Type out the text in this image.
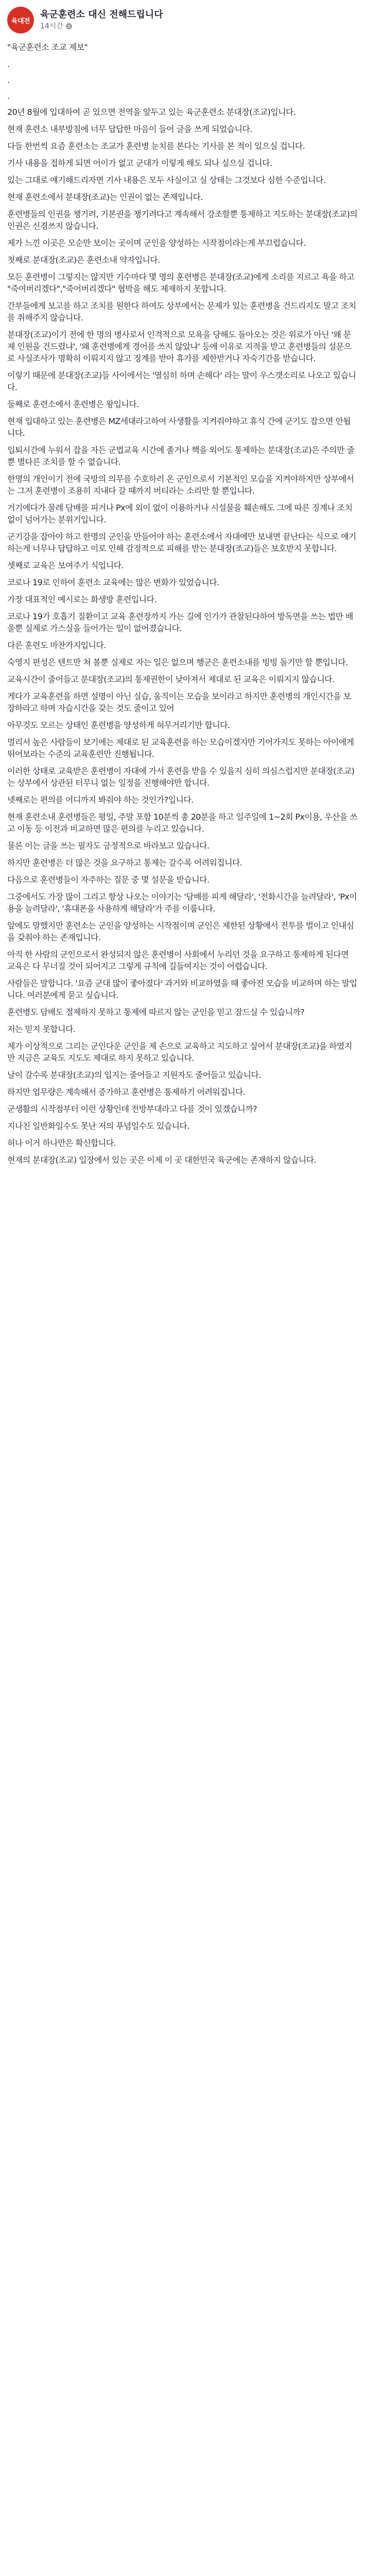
육대전
육군훈련소 대신 전해드립니다
14시간

"육군훈련소 조교 제보"

.

.

.

20년 8월에 입대하여 곧 있으면 전역을 앞두고 있는 육군훈련소 분대장(조교)입니다.

현재 훈련소 내부방침에 너무 답답한 마음이 들어 글을 쓰게 되었습니다.

다들 한번씩 요즘 훈련소는 조교가 훈련병 눈치를 본다는 기사를 본 적이 있으실 겁니다.

기사 내용을 접하게 되면 어이가 없고 군대가 이렇게 해도 되나 싶으실 겁니다.

있는 그대로 얘기해드리자면 기사 내용은 모두 사실이고 실 상태는 그것보다 심한 수준입니다.

현재 훈련소에서 분대장(조교)는 인권이 없는 존재입니다.

훈련병들의 인권을 챙기려, 기본권을 챙기려다고 계속해서 강조할뿐 통제하고 지도하는 분대장(조교)의 인권은 신경쓰지 않습니다.

제가 느낀 이곳은 모순만 보이는 곳이며 군인을 양성하는 시작점이라는게 부끄럽습니다.

첫째로 분대장(조교)은 훈련소내 약자입니다.

모든 훈련병이 그렇지는 않지만 기수마다 몇 명의 훈련병은 분대장(조교)에게 소리를 지르고 욕을 하고 "죽여버리겠다","죽어버리겠다" 협박을 해도 제재하지 못합니다.

간부들에게 보고를 하고 조치를 원한다 하여도 상부에서는 문제가 있는 훈련병을 건드리지도 말고 조치를 취해주지 않습니다.

분대장(조교)이기 전에 한 명의 병사로서 인격적으로 모욕을 당해도 돌아오는 것은 위로가 아닌 '왜 문제 인원을 건드렸냐', '왜 훈련병에게 경어를 쓰지 않았냐' 등에 이유로 지적을 받고 훈련병들의 설문으로 사실조사가 명확히 이뤄지지 않고 징계를 받아 휴가를 제한받거나 자숙기간을 받습니다.

이렇기 때문에 분대장(조교)들 사이에서는 '열심히 하며 손해다' 라는 말이 우스갯소리로 나오고 있습니다.

둘째로 훈련소에서 훈련병은 왕입니다.

현재 입대하고 있는 훈련병은 MZ세대라고하여 사생활을 지켜줘야하고 휴식 간에 군기도 잡으면 안됩니다.

입퇴시간에 누워서 잡을 자든 군법교육 시간에 졸거나 핵을 외어도 통제하는 분대장(조교)은 주의만 줄 뿐 별다른 조치를 할 수 없습니다.

한명의 개인이기 전에 국방의 의무를 수호하러 온 군인으로서 기본적인 모습을 지켜야하지만 상부에서는 그저 훈련병이 조용히 지내다 갈 때까지 버티라는 소리만 할 뿐입니다.

거기에다가 물레 담배를 피거나 Px에 외이 없이 이용하거나 시설물을 훼손해도 그에 따른 징계나 조치없이 넘어가는 분위기입니다.

군기강을 잡아야 하고 한명의 군인을 만들어야 하는 훈련소에서 자대에만 보내면 끝난다는 식으로 얘기하는게 너무나 답답하고 이로 인해 감정적으로 피해를 받는 분대장(조교)들은 보호받지 못합니다.

셋째로 교육은 보여주기 식입니다.

코로나 19로 인하여 훈련소 교육에는 많은 변화가 있었습니다.

가장 대표적인 예시로는 화생방 훈련입니다.

코로나 19가 호흡기 질환이고 교육 훈련장까지 가는 길에 인가가 관찰된다하여 방독면을 쓰는 법만 배울뿐 실제로 가스실을 들어가는 일이 없어졌습니다.

다른 훈련도 마찬가지입니다.

숙영지 편성은 텐트만 쳐 볼뿐 실제로 자는 일은 없으며 행군은 훈련소내를 빙빙 돌기만 할 뿐입니다.

교육시간이 줄어들고 분대장(조교)의 통제권한이 낮아져서 제대로 된 교육은 이뤄지지 않습니다.

게다가 교육훈련을 하면 설명이 아닌 실습, 움직이는 모습을 보이라고 하지만 훈련병의 개인시간을 보장하라고 하며 자습시간을 갖는 것도 줄이고 있어

아무것도 모르는 상태인 훈련병을 양성하게 허무거리기만 합니다.

멀리서 높은 사람들이 보기에는 제대로 된 교육훈련을 하는 모습이겠지만 기어가지도 못하는 아이에게 뛰어보라는 수준의 교육훈련만 진행됩니다.

이러한 상태로 교육받은 훈련병이 자대에 가서 훈련을 받을 수 있을지 심히 의심스럽지만 분대장(조교)는 상부에서 상관된 터무니 없는 일정을 진행해야만 합니다.

넷째로는 편의를 어디까지 봐줘야 하는 것인가?입니다.

현재 훈련소내 훈련병들은 평일, 주말 포함 10분씩 총 20분을 하고 일주일에 1~2회 Px이용, 우산을 쓰고 이동 등 이전과 비교하면 많은 편의를 누리고 있습니다.

물론 이는 글을 쓰는 필자도 긍정적으로 바라보고 있습니다.

하지만 훈련병은 더 많은 것을 요구하고 통제는 갈수록 어려워집니다.

다음으로 훈련병들이 자주하는 질문 중 몇 설문을 받습니다.

그중에서도 가장 많이 그리고 항상 나오는 이야기는 '담배를 피게 해달라', '전화시간을 늘려달라', 'Px이용을 늘려달라', '휴대폰을 사용하게 해달라'가 주를 이룹니다.

앞에도 말했지만 훈련소는 군인을 양성하는 시작점이며 군인은 제한된 상황에서 전투를 벌이고 인내심을 갖춰야 하는 존재입니다.

아직 한 사람의 군인으로서 완성되지 않은 훈련병이 사회에서 누리던 것을 요구하고 통제하게 된다면 교육은 다 무너질 것이 되어지고 그렇게 규칙에 길들여지는 것이 어렵습니다.

사람들은 말합니다. '요즘 군대 많이 좋아졌다' 과거와 비교하였을 때 좋아진 모습을 비교하며 하는 말입니다. 여러분에게 묻고 싶습니다.

훈련병도 담배도 절제하지 못하고 통제에 따르지 않는 군인을 믿고 잠드실 수 있습니까?

저는 믿지 못합니다.

제가 이상적으로 그리는 군인다운 군인을 제 손으로 교육하고 지도하고 싶어서 분대장(조교)을 하였지만 지금은 교육도 지도도 제대로 하지 못하고 있습니다.

날이 갈수록 분대장(조교)의 입지는 줄어들고 지원자도 줄어들고 있습니다.

하지만 업무량은 계속해서 증가하고 훈련병은 통제하기 어려워집니다.

군생활의 시작점부터 이런 상황인데 전방부대라고 다를 것이 있겠습니까?

지나친 일반화일수도 못난 저의 푸념일수도 있습니다.

허나 이거 하나만은 확신합니다.

현재의 분대장(조교) 입장에서 있는 곳은 이제 이 곳 대한민국 육군에는 존재하지 않습니다.
